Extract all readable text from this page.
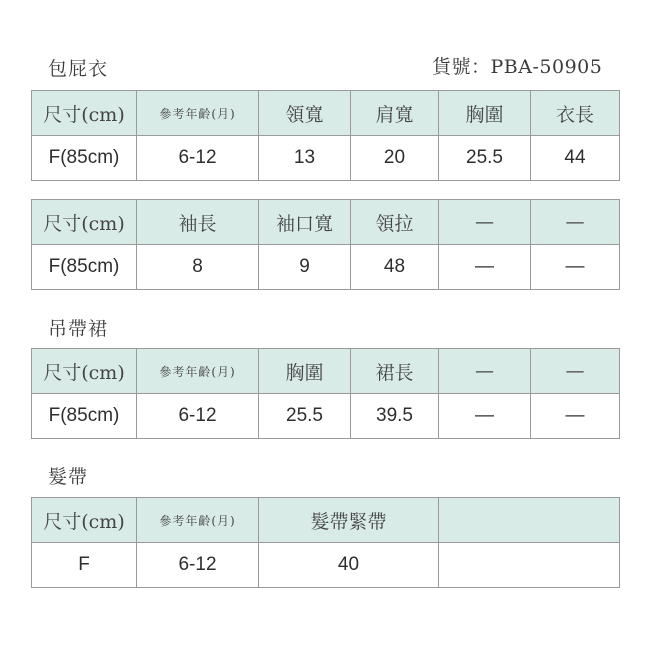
包屁衣	貨號：PBA-50905
尺寸(cm)	參考年齡(月)	領寬	肩寬	胸圍	衣長
F(85cm)	6-12	13	20	25.5	44
尺寸(cm)	袖長	袖口寬	領拉	—	—
F(85cm)	8	9	48	—	—
吊帶裙
尺寸(cm)	參考年齡(月)	胸圍	裙長	—	—
F(85cm)	6-12	25.5	39.5	—	—
髮帶
尺寸(cm)	參考年齡(月)	髮帶緊帶	
F	6-12	40	
